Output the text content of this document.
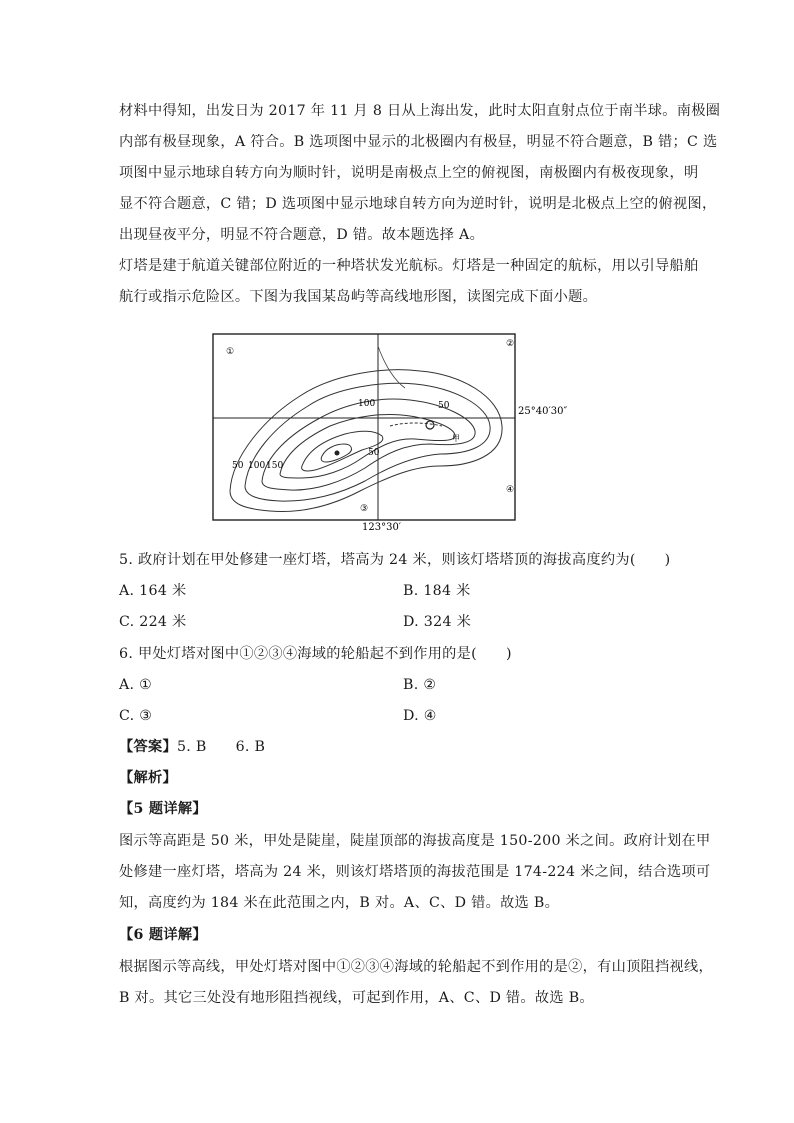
材料中得知，出发日为 2017 年 11 月 8 日从上海出发，此时太阳直射点位于南半球。南极圈
内部有极昼现象，A 符合。B 选项图中显示的北极圈内有极昼，明显不符合题意，B 错；C 选
项图中显示地球自转方向为顺时针，说明是南极点上空的俯视图，南极圈内有极夜现象，明
显不符合题意，C 错；D 选项图中显示地球自转方向为逆时针，说明是北极点上空的俯视图，
出现昼夜平分，明显不符合题意，D 错。故本题选择 A。
灯塔是建于航道关键部位附近的一种塔状发光航标。灯塔是一种固定的航标，用以引导船舶
航行或指示危险区。下图为我国某岛屿等高线地形图，读图完成下面小题。
①
②
③
④
100	50
50
50 100 150
甲
25°40′30″
123°30′
5. 政府计划在甲处修建一座灯塔，塔高为 24 米，则该灯塔塔顶的海拔高度约为(　　)
A. 164 米	B. 184 米
C. 224 米	D. 324 米
6. 甲处灯塔对图中①②③④海域的轮船起不到作用的是(　　)
A. ①	B. ②
C. ③	D. ④
【答案】5. B　　6. B
【解析】
【5 题详解】
图示等高距是 50 米，甲处是陡崖，陡崖顶部的海拔高度是 150-200 米之间。政府计划在甲
处修建一座灯塔，塔高为 24 米，则该灯塔塔顶的海拔范围是 174-224 米之间，结合选项可
知，高度约为 184 米在此范围之内，B 对。A、C、D 错。故选 B。
【6 题详解】
根据图示等高线，甲处灯塔对图中①②③④海域的轮船起不到作用的是②，有山顶阻挡视线，
B 对。其它三处没有地形阻挡视线，可起到作用，A、C、D 错。故选 B。
